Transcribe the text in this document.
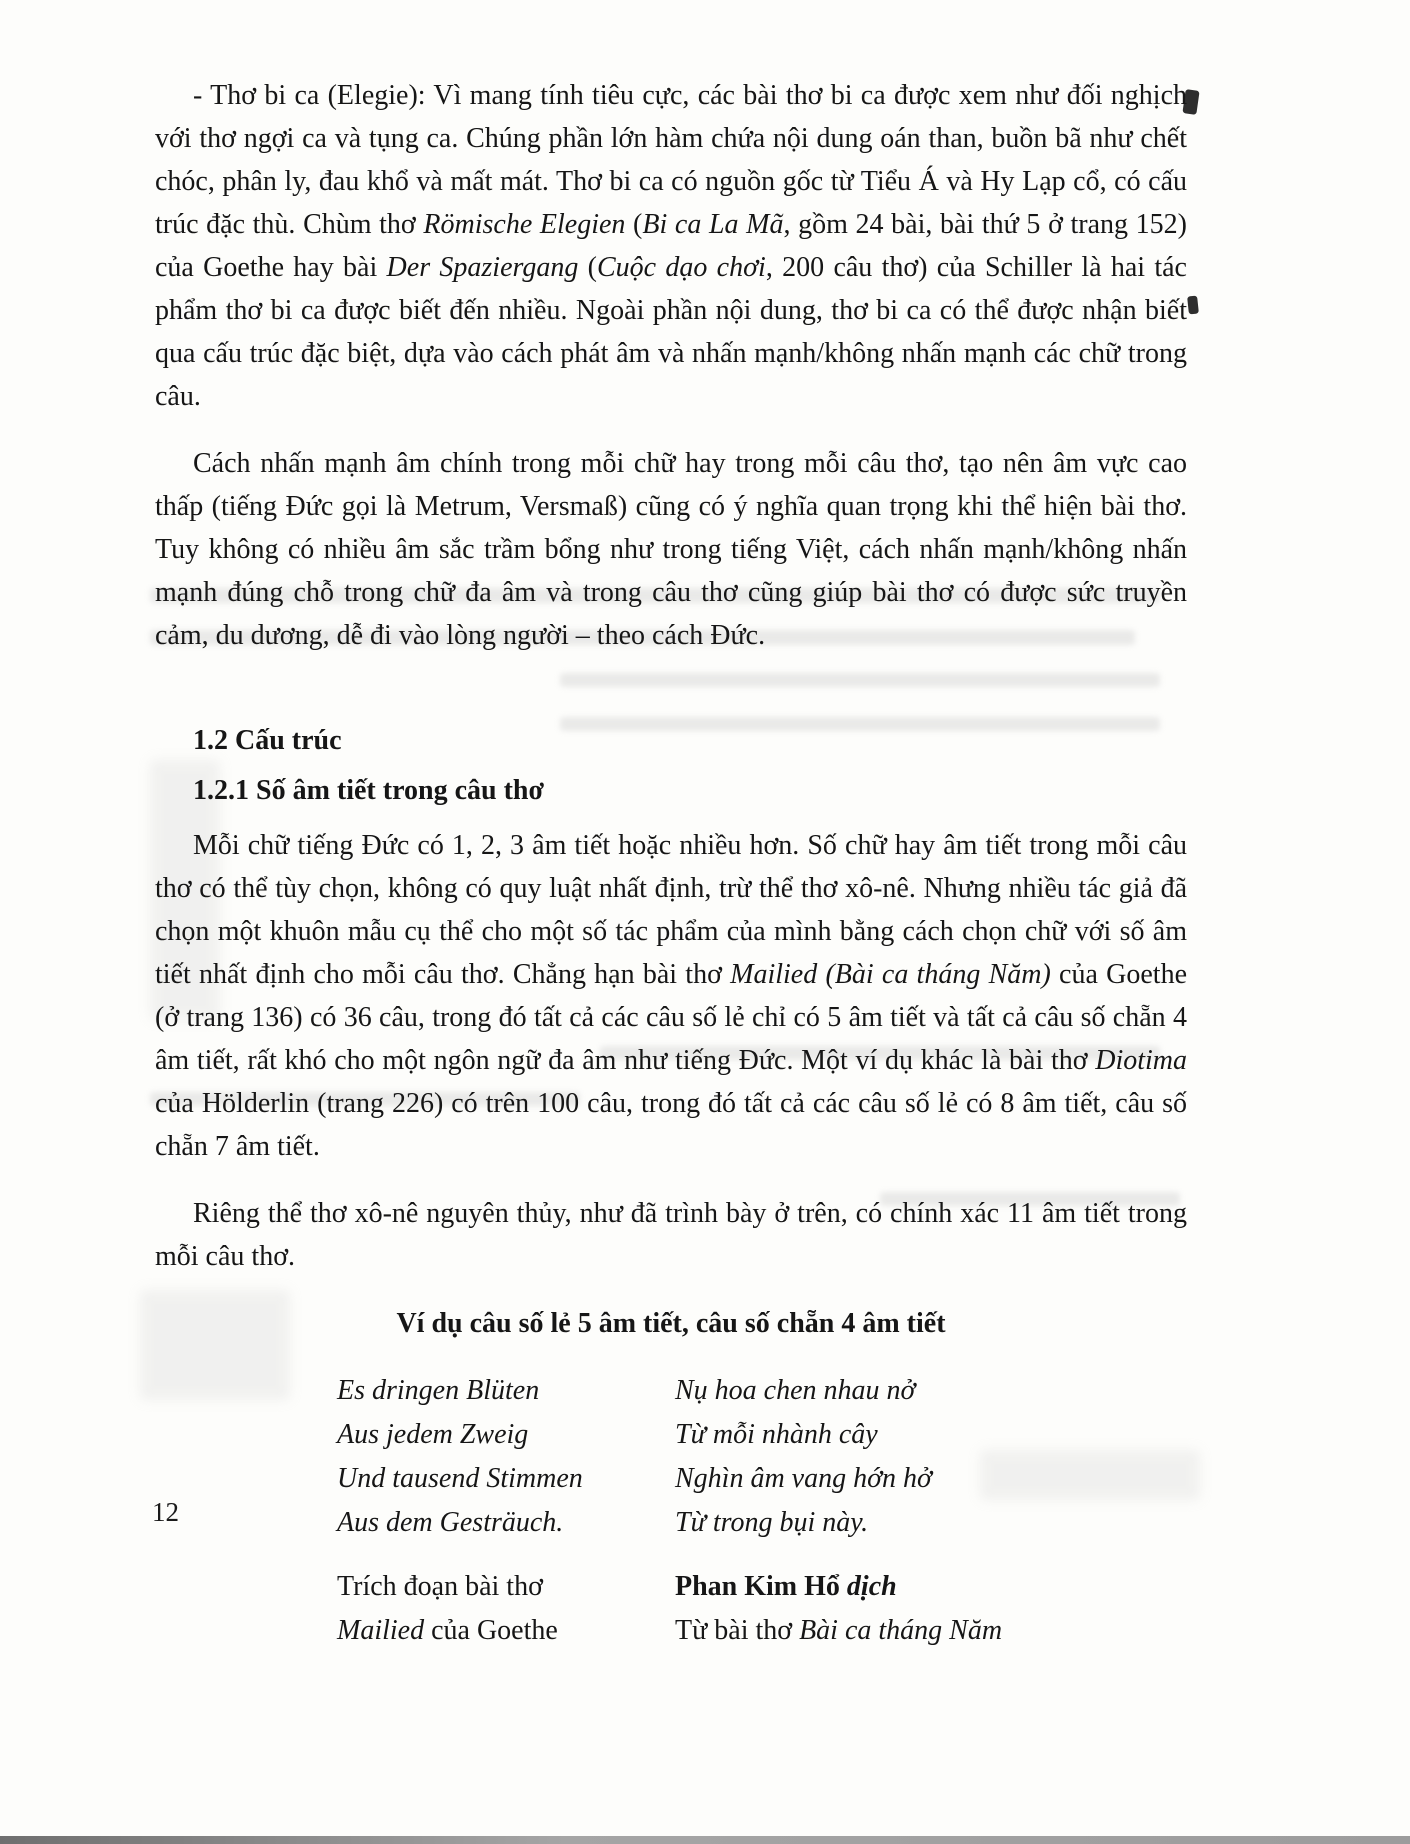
- Thơ bi ca (Elegie): Vì mang tính tiêu cực, các bài thơ bi ca được xem như đối nghịch với thơ ngợi ca và tụng ca. Chúng phần lớn hàm chứa nội dung oán than, buồn bã như chết chóc, phân ly, đau khổ và mất mát. Thơ bi ca có nguồn gốc từ Tiểu Á và Hy Lạp cổ, có cấu trúc đặc thù. Chùm thơ Römische Elegien (Bi ca La Mã, gồm 24 bài, bài thứ 5 ở trang 152) của Goethe hay bài Der Spaziergang (Cuộc dạo chơi, 200 câu thơ) của Schiller là hai tác phẩm thơ bi ca được biết đến nhiều. Ngoài phần nội dung, thơ bi ca có thể được nhận biết qua cấu trúc đặc biệt, dựa vào cách phát âm và nhấn mạnh/không nhấn mạnh các chữ trong câu.

Cách nhấn mạnh âm chính trong mỗi chữ hay trong mỗi câu thơ, tạo nên âm vực cao thấp (tiếng Đức gọi là Metrum, Versmaß) cũng có ý nghĩa quan trọng khi thể hiện bài thơ. Tuy không có nhiều âm sắc trầm bổng như trong tiếng Việt, cách nhấn mạnh/không nhấn mạnh đúng chỗ trong chữ đa âm và trong câu thơ cũng giúp bài thơ có được sức truyền cảm, du dương, dễ đi vào lòng người – theo cách Đức.

1.2 Cấu trúc
1.2.1 Số âm tiết trong câu thơ

Mỗi chữ tiếng Đức có 1, 2, 3 âm tiết hoặc nhiều hơn. Số chữ hay âm tiết trong mỗi câu thơ có thể tùy chọn, không có quy luật nhất định, trừ thể thơ xô-nê. Nhưng nhiều tác giả đã chọn một khuôn mẫu cụ thể cho một số tác phẩm của mình bằng cách chọn chữ với số âm tiết nhất định cho mỗi câu thơ. Chẳng hạn bài thơ Mailied (Bài ca tháng Năm) của Goethe (ở trang 136) có 36 câu, trong đó tất cả các câu số lẻ chỉ có 5 âm tiết và tất cả câu số chẵn 4 âm tiết, rất khó cho một ngôn ngữ đa âm như tiếng Đức. Một ví dụ khác là bài thơ Diotima của Hölderlin (trang 226) có trên 100 câu, trong đó tất cả các câu số lẻ có 8 âm tiết, câu số chẵn 7 âm tiết.

Riêng thể thơ xô-nê nguyên thủy, như đã trình bày ở trên, có chính xác 11 âm tiết trong mỗi câu thơ.

Ví dụ câu số lẻ 5 âm tiết, câu số chẵn 4 âm tiết
Es dringen Blüten
Aus jedem Zweig
Und tausend Stimmen
Aus dem Gesträuch.
Nụ hoa chen nhau nở
Từ mỗi nhành cây
Nghìn âm vang hớn hở
Từ trong bụi này.
Trích đoạn bài thơ
Mailied của Goethe
Phan Kim Hổ dịch
Từ bài thơ Bài ca tháng Năm
12
